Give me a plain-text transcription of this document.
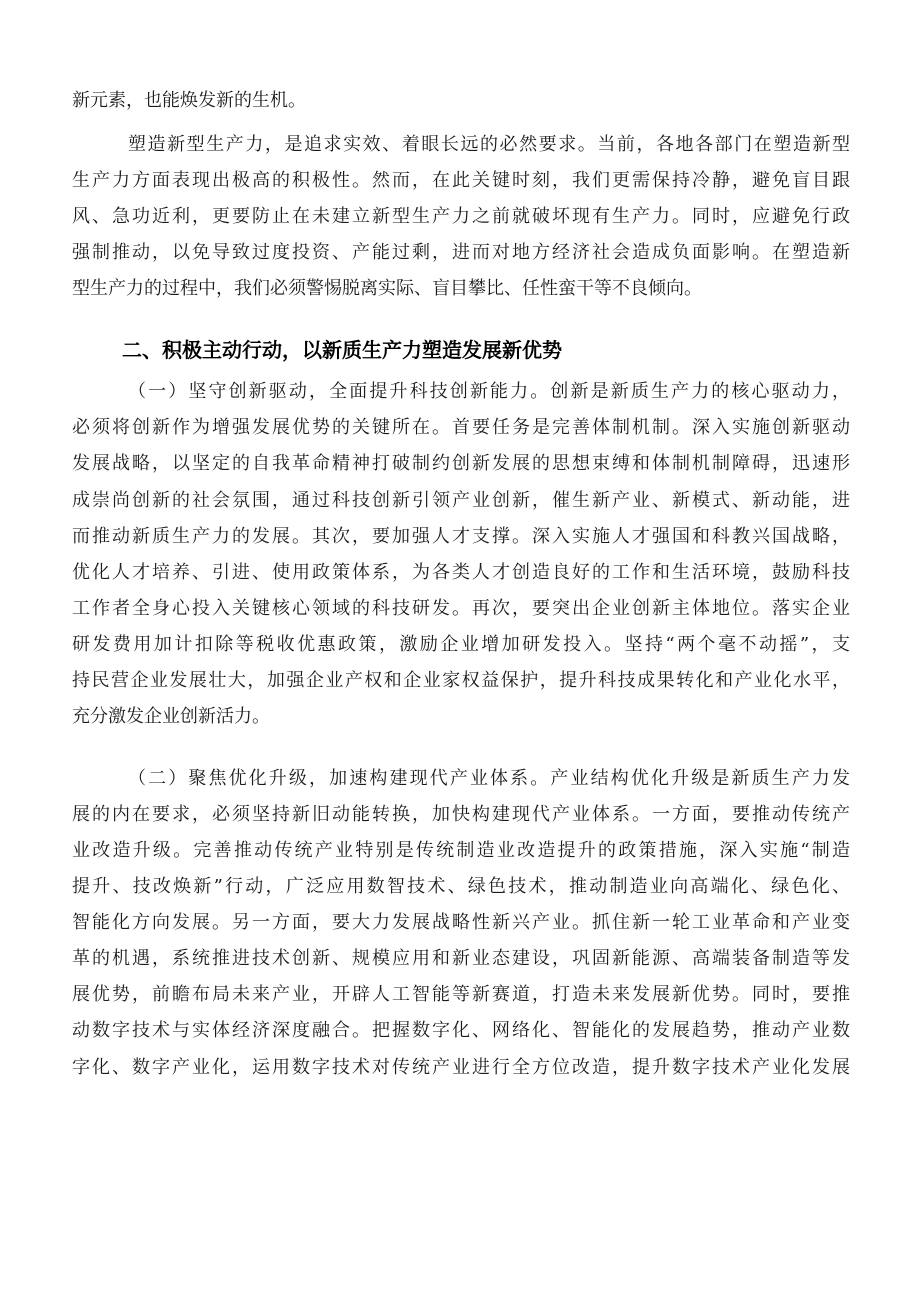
新元素，也能焕发新的生机。
塑造新型生产力，是追求实效、着眼长远的必然要求。当前，各地各部门在塑造新型
生产力方面表现出极高的积极性。然而，在此关键时刻，我们更需保持冷静，避免盲目跟
风、急功近利，更要防止在未建立新型生产力之前就破坏现有生产力。同时，应避免行政
强制推动，以免导致过度投资、产能过剩，进而对地方经济社会造成负面影响。在塑造新
型生产力的过程中，我们必须警惕脱离实际、盲目攀比、任性蛮干等不良倾向。
二、积极主动行动，以新质生产力塑造发展新优势
（一）坚守创新驱动，全面提升科技创新能力。创新是新质生产力的核心驱动力，
必须将创新作为增强发展优势的关键所在。首要任务是完善体制机制。深入实施创新驱动
发展战略，以坚定的自我革命精神打破制约创新发展的思想束缚和体制机制障碍，迅速形
成崇尚创新的社会氛围，通过科技创新引领产业创新，催生新产业、新模式、新动能，进
而推动新质生产力的发展。其次，要加强人才支撑。深入实施人才强国和科教兴国战略，
优化人才培养、引进、使用政策体系，为各类人才创造良好的工作和生活环境，鼓励科技
工作者全身心投入关键核心领域的科技研发。再次，要突出企业创新主体地位。落实企业
研发费用加计扣除等税收优惠政策，激励企业增加研发投入。坚持“两个毫不动摇”，支
持民营企业发展壮大，加强企业产权和企业家权益保护，提升科技成果转化和产业化水平，
充分激发企业创新活力。
（二）聚焦优化升级，加速构建现代产业体系。产业结构优化升级是新质生产力发
展的内在要求，必须坚持新旧动能转换，加快构建现代产业体系。一方面，要推动传统产
业改造升级。完善推动传统产业特别是传统制造业改造提升的政策措施，深入实施“制造
提升、技改焕新”行动，广泛应用数智技术、绿色技术，推动制造业向高端化、绿色化、
智能化方向发展。另一方面，要大力发展战略性新兴产业。抓住新一轮工业革命和产业变
革的机遇，系统推进技术创新、规模应用和新业态建设，巩固新能源、高端装备制造等发
展优势，前瞻布局未来产业，开辟人工智能等新赛道，打造未来发展新优势。同时，要推
动数字技术与实体经济深度融合。把握数字化、网络化、智能化的发展趋势，推动产业数
字化、数字产业化，运用数字技术对传统产业进行全方位改造，提升数字技术产业化发展
